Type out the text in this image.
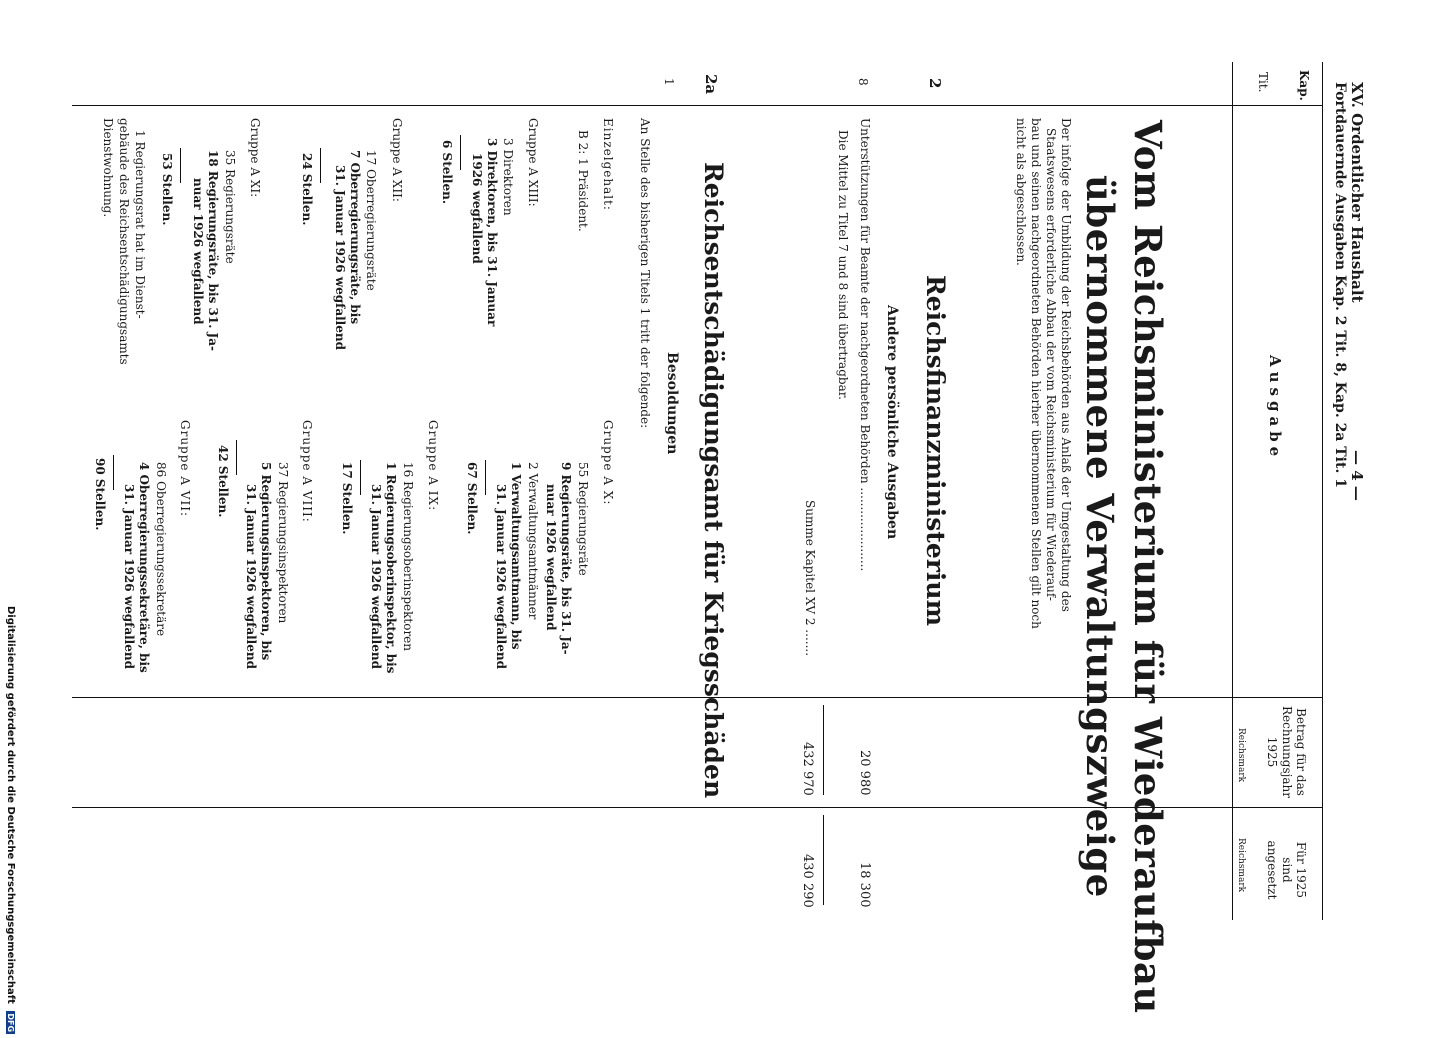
XV. Ordentlicher Haushalt
Fortdauernde Ausgaben Kap. 2 Tit. 8, Kap. 2a Tit. 1 — 4 —
Kap.
Tit.
Ausgabe
Betrag für das Rechnungsjahr 1925
Reichsmark
Für 1925 sind angesetzt
Reichsmark
Vom Reichsministerium für Wiederaufbau
übernommene Verwaltungszweige
Der infolge der Umbildung der Reichsbehörden aus Anlaß der Umgestaltung des
Staatswesens erforderliche Abbau der vom Reichsministerium für Wiederauf-
bau und seinen nachgeordneten Behörden hierher übernommenen Stellen gilt noch
nicht als abgeschlossen.
2
Reichsfinanzministerium
Andere persönliche Ausgaben
8
Unterstützungen für Beamte der nachgeordneten Behörden ......................
20 980
18 300
Die Mittel zu Titel 7 und 8 sind übertragbar.
Summe Kapitel XV 2 .......
432 970
430 290
2a
Reichsentschädigungsamt für Kriegsschäden
Besoldungen
1
An Stelle des bisherigen Titels 1 tritt der folgende:
Einzelgehalt:
B 2: 1 Präsident.
Gruppe A XIII:
3 Direktoren
3 Direktoren, bis 31. Januar
1926 wegfallend
6 Stellen.
Gruppe A XII:
17 Oberregierungsräte
7 Oberregierungsräte, bis
31. Januar 1926 wegfallend
24 Stellen.
Gruppe A XI:
35 Regierungsräte
18 Regierungsräte, bis 31. Ja-
nuar 1926 wegfallend
53 Stellen.
1 Regierungsrat hat im Dienst-
gebäude des Reichsentschädigungsamts
Dienstwohnung.
Gruppe A X:
55 Regierungsräte
9 Regierungsräte, bis 31. Ja-
nuar 1926 wegfallend
2 Verwaltungsamtmänner
1 Verwaltungsamtmann, bis
31. Januar 1926 wegfallend
67 Stellen.
Gruppe A IX:
16 Regierungsoberinspektoren
1 Regierungsoberinspektor, bis
31. Januar 1926 wegfallend
17 Stellen.
Gruppe A VIII:
37 Regierungsinspektoren
5 Regierungsinspektoren, bis
31. Januar 1926 wegfallend
42 Stellen.
Gruppe A VII:
86 Oberregierungssekretäre
4 Oberregierungssekretäre, bis
31. Januar 1926 wegfallend
90 Stellen.
Digitalisierung gefördert durch die Deutsche Forschungsgemeinschaft DFG
